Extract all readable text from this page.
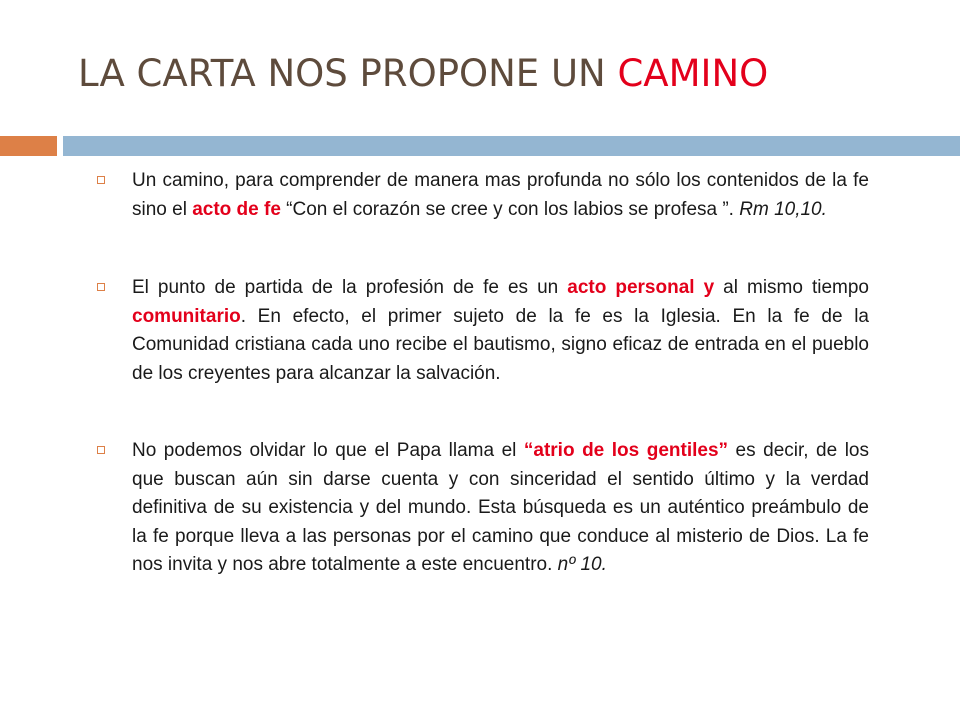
LA CARTA NOS PROPONE UN CAMINO

Un camino, para comprender de manera mas profunda no sólo los contenidos de la fe sino el acto de fe “Con el corazón se cree y con los labios se profesa ”. Rm 10,10.

El punto de partida de la profesión de fe es un acto personal y al mismo tiempo comunitario. En efecto, el primer sujeto de la fe es la Iglesia. En la fe de la Comunidad cristiana cada uno recibe el bautismo, signo eficaz de entrada en el pueblo de los creyentes para alcanzar la salvación.

No podemos olvidar lo que el Papa llama el “atrio de los gentiles” es decir, de los que buscan aún sin darse cuenta y con sinceridad el sentido último y la verdad definitiva de su existencia y del mundo. Esta búsqueda es un auténtico preámbulo de la fe porque lleva a las personas por el camino que conduce al misterio de Dios. La fe nos invita y nos abre totalmente a este encuentro. nº 10.
